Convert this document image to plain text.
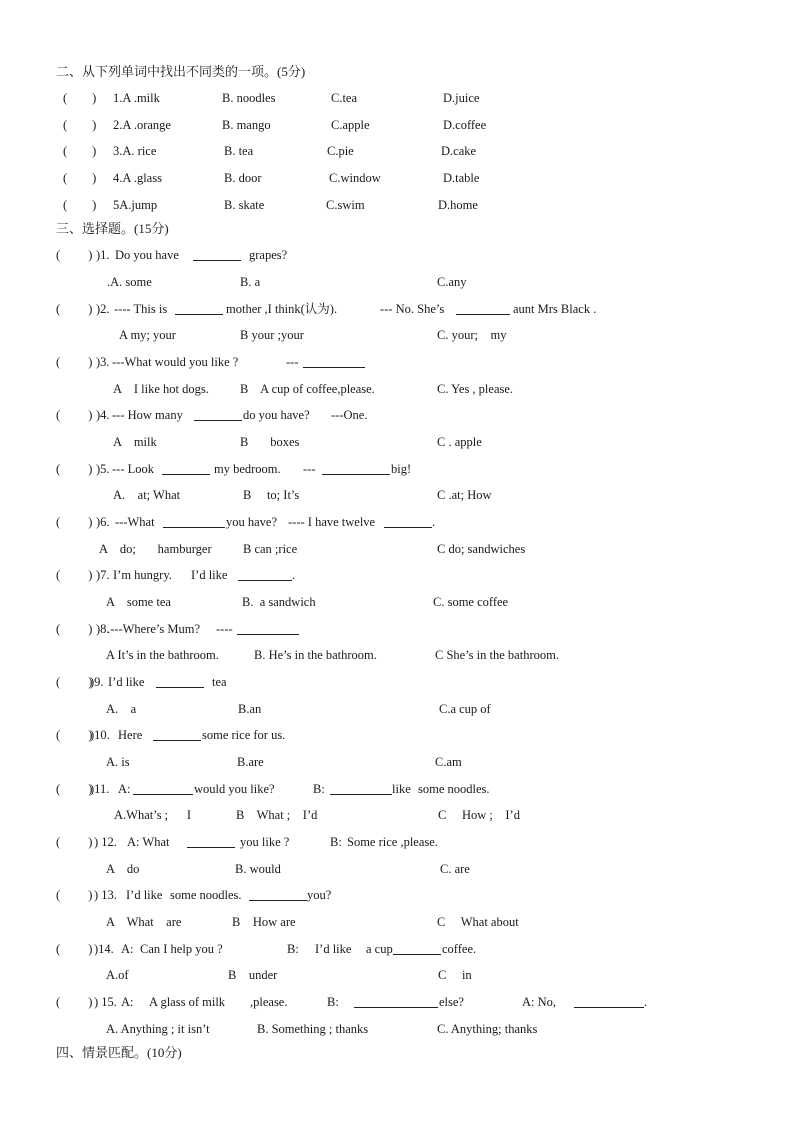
二、从下列单词中找出不同类的一项。(5分)
(        ) 1.A .milk	B. noodles	C.tea	D.juice
(        ) 2.A .orange	B. mango	C.apple	D.coffee
(        ) 3.A. rice	B. tea	C.pie	D.cake
(        ) 4.A .glass	B. door	C.window	D.table
(        ) 5A.jump	B. skate	C.swim	D.home
三、选择题。(15分)
(         ) )1. Do you have	grapes?
.A. some	B. a	C.any
(         ) )2. ---- This is	mother ,I think(认为).	--- No. She’s	aunt Mrs Black .
A my; your	B your ;your	C. your;    my
(         ) )3. ---What would you like ?	---
A    I like hot dogs. B    A cup of coffee,please.	C. Yes , please.
(         ) )4. --- How many	do you have? ---One.
A    milk	B       boxes	C . apple
(         ) )5. --- Look	my bedroom. ---	big!
A.    at; What	B     to; It’s	C .at; How
(         ) )6. ---What	you have? ---- I have twelve	.
A    do;       hamburger	B can ;rice	C do; sandwiches
(         ) )7. I’m hungry. I’d like	.
A    some tea	B.  a sandwich	C. some coffee
(         ) )8.
.---Where’s Mum? ----
A It’s in the bathroom.	B. He’s in the bathroom.	C She’s in the bathroom.
(         )
)9. I’d like	tea
A.    a	B.an	C.a cup of
(         )
)10. Here	some rice for us.
A. is	B.are	C.am
(         )
)11. A:	would you like?	B:	like some noodles.
A.What’s ;      I	B    What ;    I’d	C     How ;    I’d
(         ) ) 12. A: What	you like ?	B: Some rice ,please.
A    do	B. would	C. are
(         ) ) 13. I’d like some noodles.	you?
A    What    are	B    How are	C     What about
(         ) )14. A: Can I help you ?	B: I’d like a cup	coffee.
A.of	B    under	C     in
(         ) ) 15. A: A glass of milk ,please.	B:	else?	A: No,	.
A. Anything ; it isn’t	B. Something ; thanks	C. Anything; thanks
四、情景匹配。(10分)
